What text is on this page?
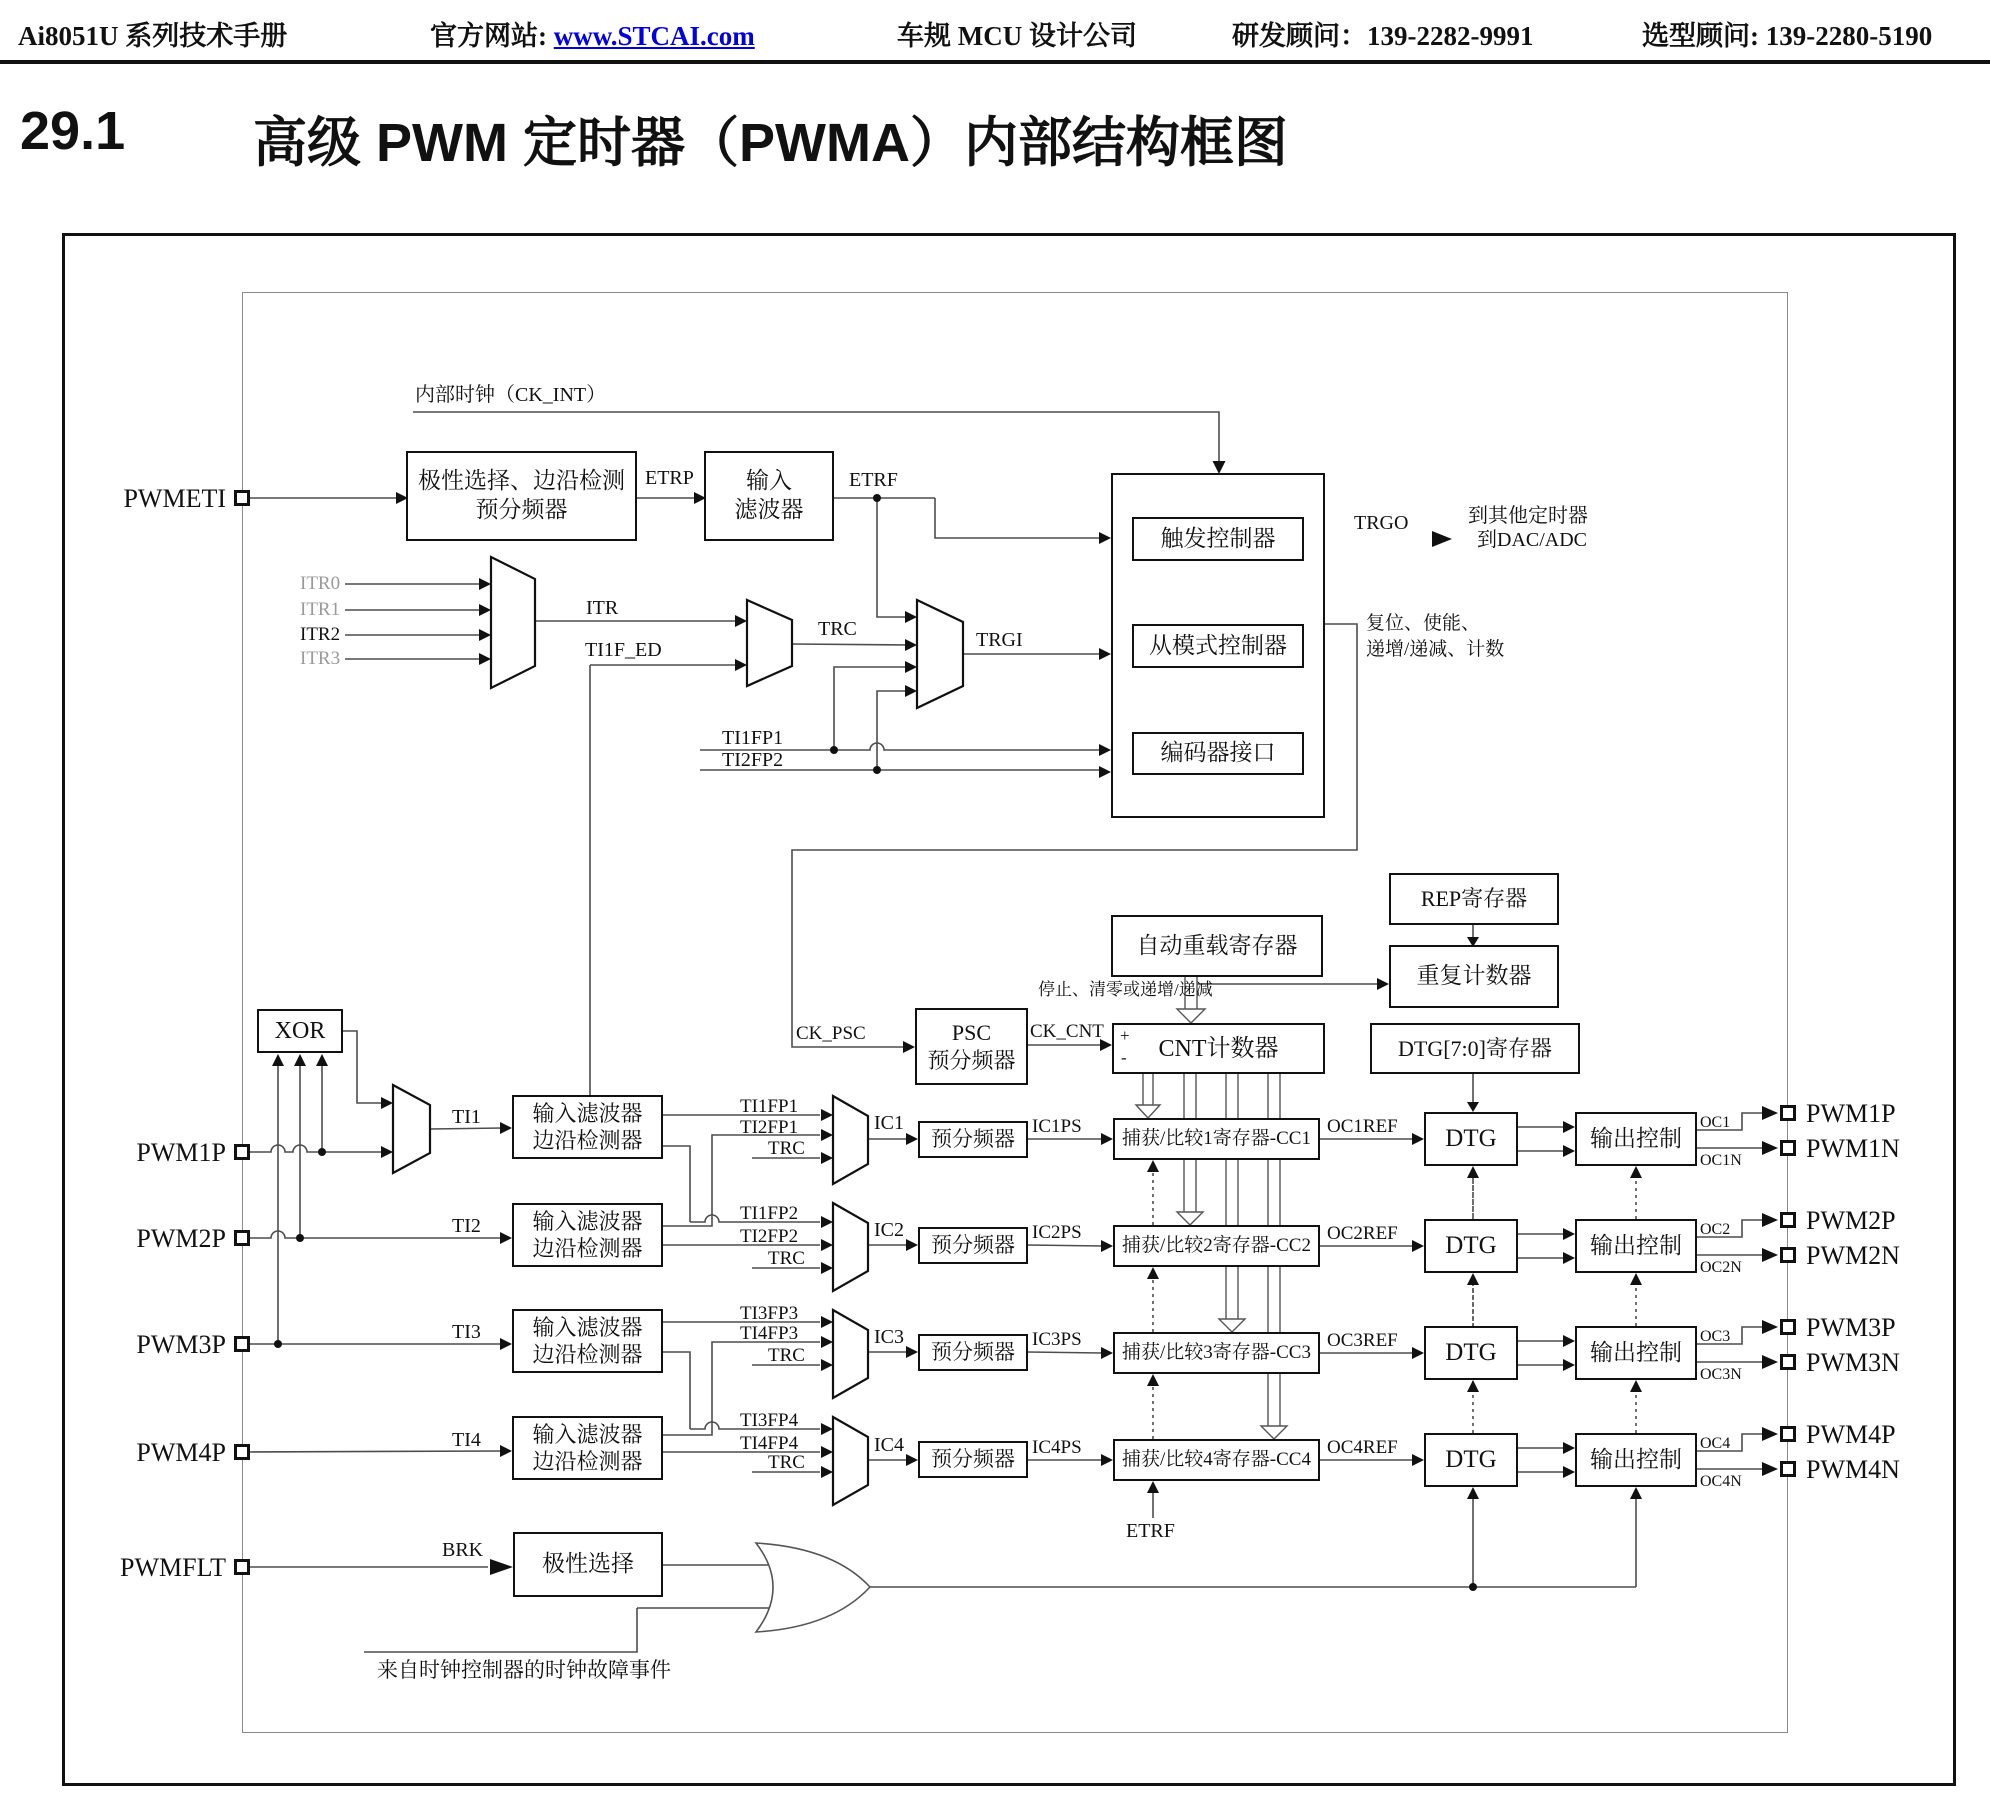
Ai8051U 系列技术手册	官方网站: www.STCAI.com	车规 MCU 设计公司	研发顾问：139-2282-9991	选型顾问: 139-2280-5190
29.1 高级 PWM 定时器（PWMA）内部结构框图
内部时钟（CK_INT）
PWMETI
极性选择、边沿检测
预分频器
ETRP 输入
滤波器
ETRF
ITR0
ITR1
ITR2
ITR3
ITR
TI1F_ED
TRC	TRGI
TI1FP1
TI2FP2
触发控制器
从模式控制器
编码器接口
TRGO	到其他定时器
到DAC/ADC
复位、使能、
递增/递减、计数
REP寄存器
自动重载寄存器
重复计数器
停止、清零或递增/递减
CK_PSC	PSC
预分频器
CK_CNT
CNT计数器
+
-	DTG[7:0]寄存器
XOR
PWM1P
PWM2P
PWM3P
PWM4P
PWMFLT
TI1
TI2
TI3
TI4
BRK
输入滤波器
边沿检测器
输入滤波器
边沿检测器
输入滤波器
边沿检测器
输入滤波器
边沿检测器
极性选择
TI1FP1
TI2FP1
TRC
TI1FP2
TI2FP2
TRC
TI3FP3
TI4FP3
TRC
TI3FP4
TI4FP4
TRC
IC1
IC2
IC3
IC4
预分频器
预分频器
预分频器
预分频器
IC1PS
IC2PS
IC3PS
IC4PS
捕获/比较1寄存器-CC1
捕获/比较2寄存器-CC2
捕获/比较3寄存器-CC3
捕获/比较4寄存器-CC4
OC1REF
OC2REF
OC3REF
OC4REF
DTG
DTG
DTG
DTG
输出控制
输出控制
输出控制
输出控制
OC1
OC1N
OC2
OC2N
OC3
OC3N
OC4
OC4N
PWM1P
PWM1N
PWM2P
PWM2N
PWM3P
PWM3N
PWM4P
PWM4N
ETRF
来自时钟控制器的时钟故障事件
